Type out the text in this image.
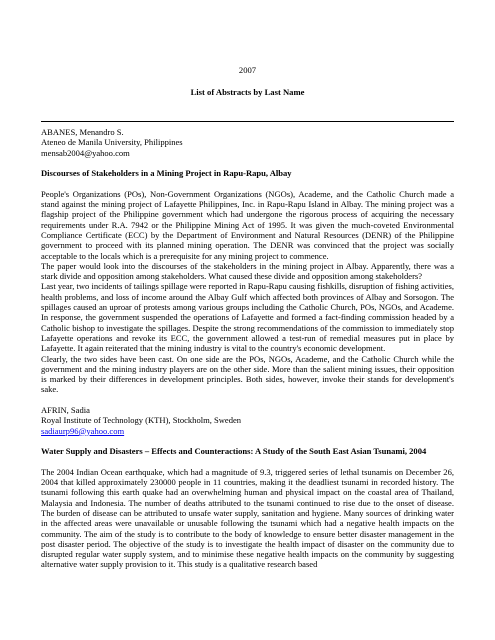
2007
List of Abstracts by Last Name

ABANES, Menandro S.

Ateneo de Manila University, Philippines

mensab2004@yahoo.com

Discourses of Stakeholders in a Mining Project in Rapu-Rapu, Albay

People's Organizations (POs), Non-Government Organizations (NGOs), Academe, and the Catholic Church made a stand against the mining project of Lafayette Philippines, Inc. in Rapu-Rapu Island in Albay. The mining project was a flagship project of the Philippine government which had undergone the rigorous process of acquiring the necessary requirements under R.A. 7942 or the Philippine Mining Act of 1995. It was given the much-coveted Environmental Compliance Certificate (ECC) by the Department of Environment and Natural Resources (DENR) of the Philippine government to proceed with its planned mining operation. The DENR was convinced that the project was socially acceptable to the locals which is a prerequisite for any mining project to commence.

The paper would look into the discourses of the stakeholders in the mining project in Albay. Apparently, there was a stark divide and opposition among stakeholders. What caused these divide and opposition among stakeholders?

Last year, two incidents of tailings spillage were reported in Rapu-Rapu causing fishkills, disruption of fishing activities, health problems, and loss of income around the Albay Gulf which affected both provinces of Albay and Sorsogon. The spillages caused an uproar of protests among various groups including the Catholic Church, POs, NGOs, and Academe. In response, the government suspended the operations of Lafayette and formed a fact-finding commission headed by a Catholic bishop to investigate the spillages. Despite the strong recommendations of the commission to immediately stop Lafayette operations and revoke its ECC, the government allowed a test-run of remedial measures put in place by Lafayette. It again reiterated that the mining industry is vital to the country's economic development.

Clearly, the two sides have been cast. On one side are the POs, NGOs, Academe, and the Catholic Church while the government and the mining industry players are on the other side. More than the salient mining issues, their opposition is marked by their differences in development principles. Both sides, however, invoke their stands for development's sake.

AFRIN, Sadia

Royal Institute of Technology (KTH), Stockholm, Sweden

sadiaurp96@yahoo.com

Water Supply and Disasters – Effects and Counteractions: A Study of the South East Asian Tsunami, 2004

The 2004 Indian Ocean earthquake, which had a magnitude of 9.3, triggered series of lethal tsunamis on December 26, 2004 that killed approximately 230000 people in 11 countries, making it the deadliest tsunami in recorded history. The tsunami following this earth quake had an overwhelming human and physical impact on the coastal area of Thailand, Malaysia and Indonesia. The number of deaths attributed to the tsunami continued to rise due to the onset of disease. The burden of disease can be attributed to unsafe water supply, sanitation and hygiene. Many sources of drinking water in the affected areas were unavailable or unusable following the tsunami which had a negative health impacts on the community. The aim of the study is to contribute to the body of knowledge to ensure better disaster management in the post disaster period. The objective of the study is to investigate the health impact of disaster on the community due to disrupted regular water supply system, and to minimise these negative health impacts on the community by suggesting alternative water supply provision to it. This study is a qualitative research based
